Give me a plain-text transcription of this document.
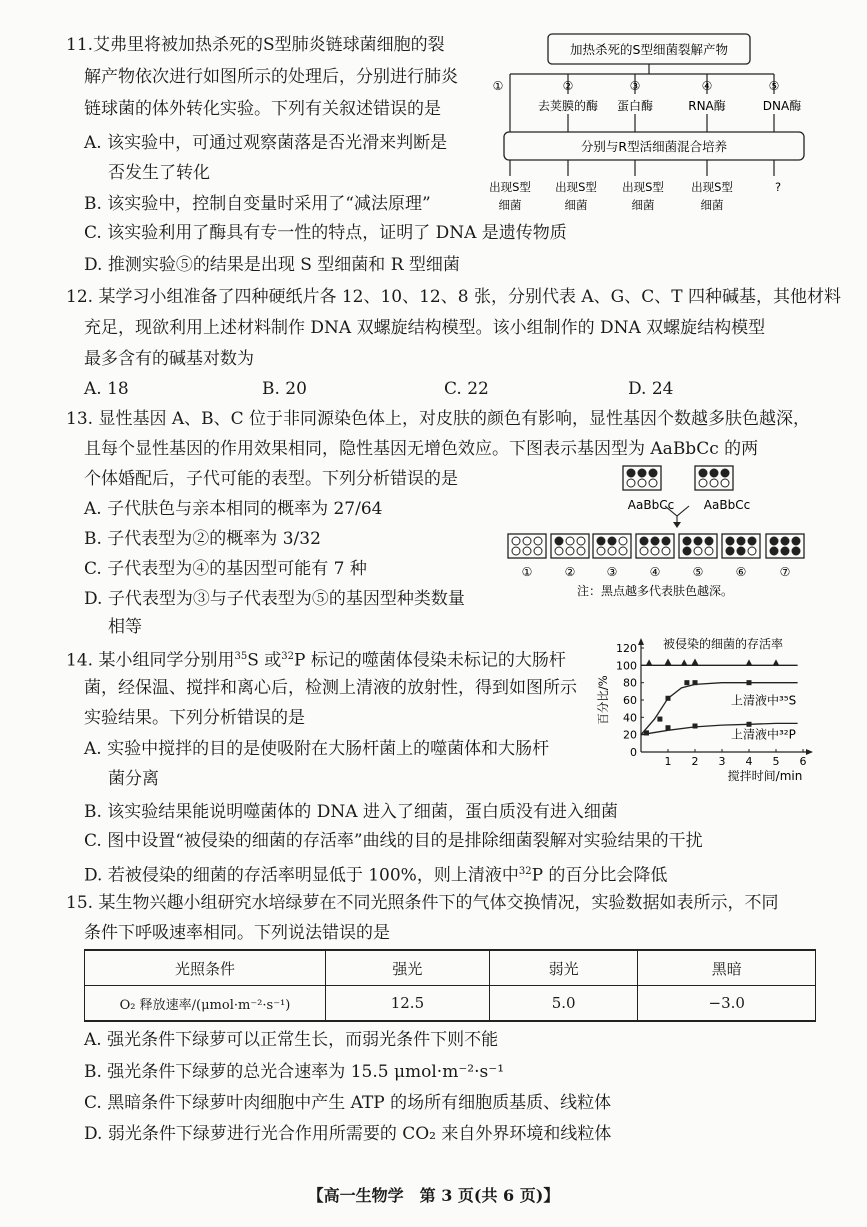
11.艾弗里将被加热杀死的S型肺炎链球菌细胞的裂
解产物依次进行如图所示的处理后，分别进行肺炎
链球菌的体外转化实验。下列有关叙述错误的是
A. 该实验中，可通过观察菌落是否光滑来判断是
否发生了转化
B. 该实验中，控制自变量时采用了“减法原理”
C. 该实验利用了酶具有专一性的特点，证明了 DNA 是遗传物质
D. 推测实验⑤的结果是出现 S 型细菌和 R 型细菌
加热杀死的S型细菌裂解产物
①	②	③	④	⑤
去荚膜的酶 蛋白酶	RNA酶	DNA酶
分别与R型活细菌混合培养
出现S型 出现S型 出现S型 出现S型	?
细菌	细菌	细菌	细菌
12. 某学习小组准备了四种硬纸片各 12、10、12、8 张，分别代表 A、G、C、T 四种碱基，其他材料
充足，现欲利用上述材料制作 DNA 双螺旋结构模型。该小组制作的 DNA 双螺旋结构模型
最多含有的碱基对数为
A. 18	B. 20	C. 22	D. 24
13. 显性基因 A、B、C 位于非同源染色体上，对皮肤的颜色有影响，显性基因个数越多肤色越深，
且每个显性基因的作用效果相同，隐性基因无增色效应。下图表示基因型为 AaBbCc 的两
个体婚配后，子代可能的表型。下列分析错误的是
A. 子代肤色与亲本相同的概率为 27/64
B. 子代表型为②的概率为 3/32
C. 子代表型为④的基因型可能有 7 种
D. 子代表型为③与子代表型为⑤的基因型种类数量
相等
AaBbCc AaBbCc
①	②	③	④	⑤	⑥	⑦
注：黑点越多代表肤色越深。
14. 某小组同学分别用$^{35}$S 或$^{32}$P 标记的噬菌体侵染未标记的大肠杆
菌，经保温、搅拌和离心后，检测上清液的放射性，得到如图所示
实验结果。下列分析错误的是
A. 实验中搅拌的目的是使吸附在大肠杆菌上的噬菌体和大肠杆
菌分离
B. 该实验结果能说明噬菌体的 DNA 进入了细菌，蛋白质没有进入细菌
C. 图中设置“被侵染的细菌的存活率”曲线的目的是排除细菌裂解对实验结果的干扰
D. 若被侵染的细菌的存活率明显低于 100%，则上清液中$^{32}$P 的百分比会降低
0
20
40
60
80
100
120
1 2 3 4 5 6
被侵染的细菌的存活率
百分比/%
搅拌时间/min
上清液中³⁵S
上清液中³²P
15. 某生物兴趣小组研究水培绿萝在不同光照条件下的气体交换情况，实验数据如表所示，不同
条件下呼吸速率相同。下列说法错误的是
光照条件	强光	弱光	黑暗
O₂ 释放速率/(μmol·m⁻²·s⁻¹)	12.5	5.0	−3.0
A. 强光条件下绿萝可以正常生长，而弱光条件下则不能
B. 强光条件下绿萝的总光合速率为 15.5 μmol·m⁻²·s⁻¹
C. 黑暗条件下绿萝叶肉细胞中产生 ATP 的场所有细胞质基质、线粒体
D. 弱光条件下绿萝进行光合作用所需要的 CO₂ 来自外界环境和线粒体
【高一生物学　第 3 页(共 6 页)】
